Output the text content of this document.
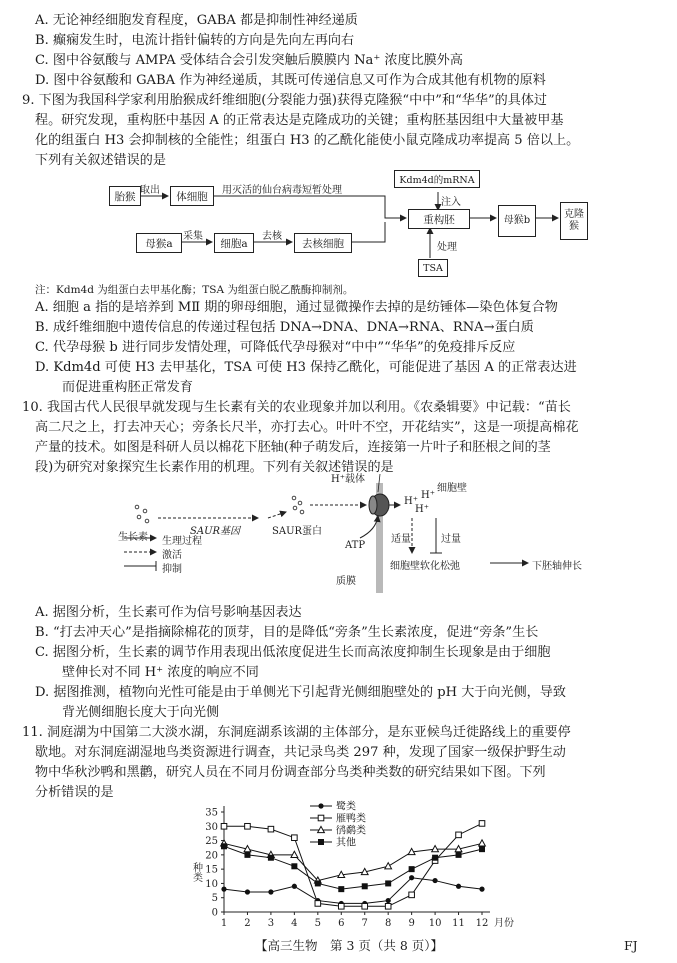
A. 无论神经细胞发育程度，GABA 都是抑制性神经递质
B. 癫痫发生时，电流计指针偏转的方向是先向左再向右
C. 图中谷氨酸与 AMPA 受体结合会引发突触后膜膜内 Na⁺ 浓度比膜外高
D. 图中谷氨酸和 GABA 作为神经递质，其既可传递信息又可作为合成其他有机物的原料
9. 下图为我国科学家利用胎猴成纤维细胞(分裂能力强)获得克隆猴“中中”和“华华”的具体过
程。研究发现，重构胚中基因 A 的正常表达是克隆成功的关键；重构胚基因组中大量被甲基
化的组蛋白 H3 会抑制核的全能性；组蛋白 H3 的乙酰化能使小鼠克隆成功率提高 5 倍以上。
下列有关叙述错误的是
胎猴 取出	体细胞	用灭活的仙台病毒短暂处理
Kdm4d的mRNA
注入
重构胚	母猴b
克隆猴
母猴a
采集
细胞a
去核
去核细胞	处理
TSA
注：Kdm4d 为组蛋白去甲基化酶；TSA 为组蛋白脱乙酰酶抑制剂。
A. 细胞 a 指的是培养到 MⅡ 期的卵母细胞，通过显微操作去掉的是纺锤体—染色体复合物
B. 成纤维细胞中遗传信息的传递过程包括 DNA→DNA、DNA→RNA、RNA→蛋白质
C. 代孕母猴 b 进行同步发情处理，可降低代孕母猴对“中中”“华华”的免疫排斥反应
D. Kdm4d 可使 H3 去甲基化，TSA 可使 H3 保持乙酰化，可能促进了基因 A 的正常表达进
而促进重构胚正常发育
10. 我国古代人民很早就发现与生长素有关的农业现象并加以利用。《农桑辑要》中记载：“苗长
高二尺之上，打去冲天心；旁条长尺半，亦打去心。叶叶不空，开花结实”，这是一项提高棉花
产量的技术。如图是科研人员以棉花下胚轴(种子萌发后，连接第一片叶子和胚根之间的茎
段)为研究对象探究生长素作用的机理。下列有关叙述错误的是
生长素
SAUR基因	SAUR蛋白
H⁺载体
细胞壁
H⁺
H⁺
H⁺
ATP
适量	过量
质膜
细胞壁软化松弛	下胚轴伸长
生理过程
激活
抑制
A. 据图分析，生长素可作为信号影响基因表达
B. “打去冲天心”是指摘除棉花的顶芽，目的是降低“旁条”生长素浓度，促进“旁条”生长
C. 据图分析，生长素的调节作用表现出低浓度促进生长而高浓度抑制生长现象是由于细胞
壁伸长对不同 H⁺ 浓度的响应不同
D. 据图推测，植物向光性可能是由于单侧光下引起背光侧细胞壁处的 pH 大于向光侧，导致
背光侧细胞长度大于向光侧
11. 洞庭湖为中国第二大淡水湖，东洞庭湖系该湖的主体部分，是东亚候鸟迁徙路线上的重要停
歇地。对东洞庭湖湿地鸟类资源进行调查，共记录鸟类 297 种，发现了国家一级保护野生动
物中华秋沙鸭和黑鹳，研究人员在不同月份调查部分鸟类种类数的研究结果如下图。下列
分析错误的是
0
5
10
15
20
25
30
35
1 2 3 4 5 6 7 8 9 10 11 12 月份
种类
鹭类
雁鸭类
鸻鹬类
其他
【高三生物　第 3 页（共 8 页）】	FJ
